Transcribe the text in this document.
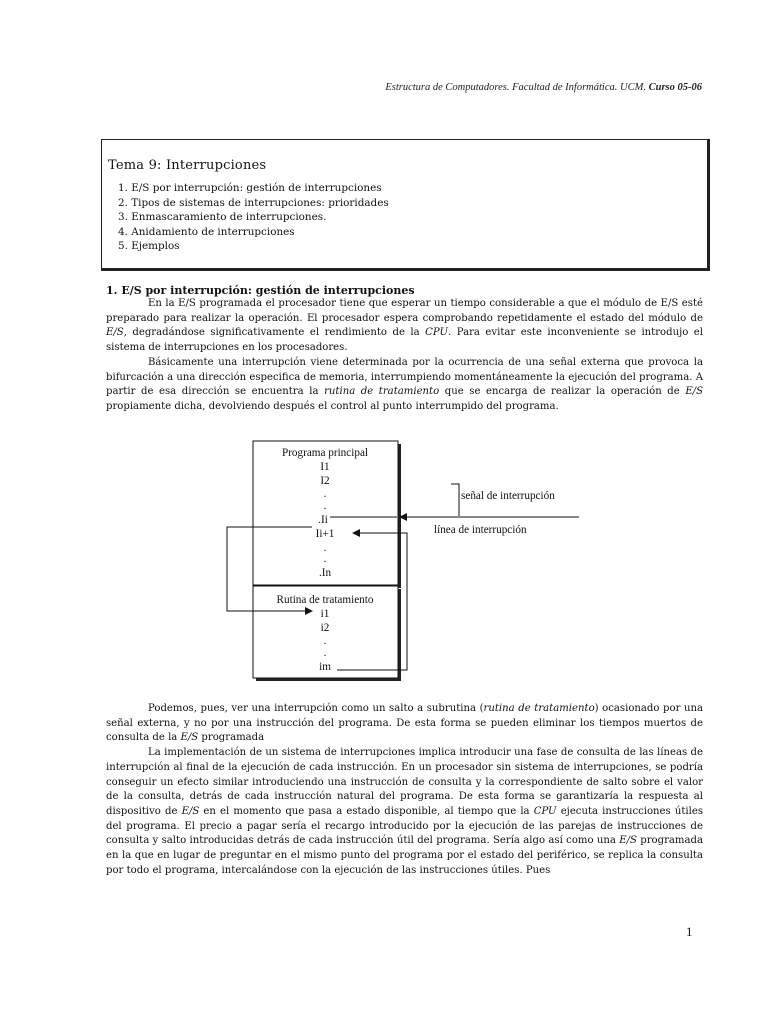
Estructura de Computadores. Facultad de Informática. UCM. Curso 05-06
Tema 9: Interrupciones
1. E/S por interrupción: gestión de interrupciones
2. Tipos de sistemas de interrupciones: prioridades
3. Enmascaramiento de interrupciones.
4. Anidamiento de interrupciones
5. Ejemplos
1. E/S por interrupción: gestión de interrupciones

En la E/S programada el procesador tiene que esperar un tiempo considerable a que el módulo de E/S esté preparado para realizar la operación. El procesador espera comprobando repetidamente el estado del módulo de E/S, degradándose significativamente el rendimiento de la CPU. Para evitar este inconveniente se introdujo el sistema de interrupciones en los procesadores.

Básicamente una interrupción viene determinada por la ocurrencia de una señal externa que provoca la bifurcación a una dirección especifica de memoria, interrumpiendo momentáneamente la ejecución del programa. A partir de esa dirección se encuentra la rutina de tratamiento que se encarga de realizar la operación de E/S propiamente dicha, devolviendo después el control al punto interrumpido del programa.

Programa principal
I1
I2
.
.
.Ii
Ii+1
.
.
.In
Rutina de tratamiento
i1
i2
.
.
im
señal de interrupción
línea de interrupción

Podemos, pues, ver una interrupción como un salto a subrutina (rutina de tratamiento) ocasionado por una señal externa, y no por una instrucción del programa. De esta forma se pueden eliminar los tiempos muertos de consulta de la E/S programada

La implementación de un sistema de interrupciones implica introducir una fase de consulta de las líneas de interrupción al final de la ejecución de cada instrucción. En un procesador sin sistema de interrupciones, se podría conseguir un efecto similar introduciendo una instrucción de consulta y la correspondiente de salto sobre el valor de la consulta, detrás de cada instrucción natural del programa. De esta forma se garantizaría la respuesta al dispositivo de E/S en el momento que pasa a estado disponible, al tiempo que la CPU ejecuta instrucciones útiles del programa. El precio a pagar sería el recargo introducido por la ejecución de las parejas de instrucciones de consulta y salto introducidas detrás de cada instrucción útil del programa. Sería algo así como una E/S programada en la que en lugar de preguntar en el mismo punto del programa por el estado del periférico, se replica la consulta por todo el programa, intercalándose con la ejecución de las instrucciones útiles. Pues

1
